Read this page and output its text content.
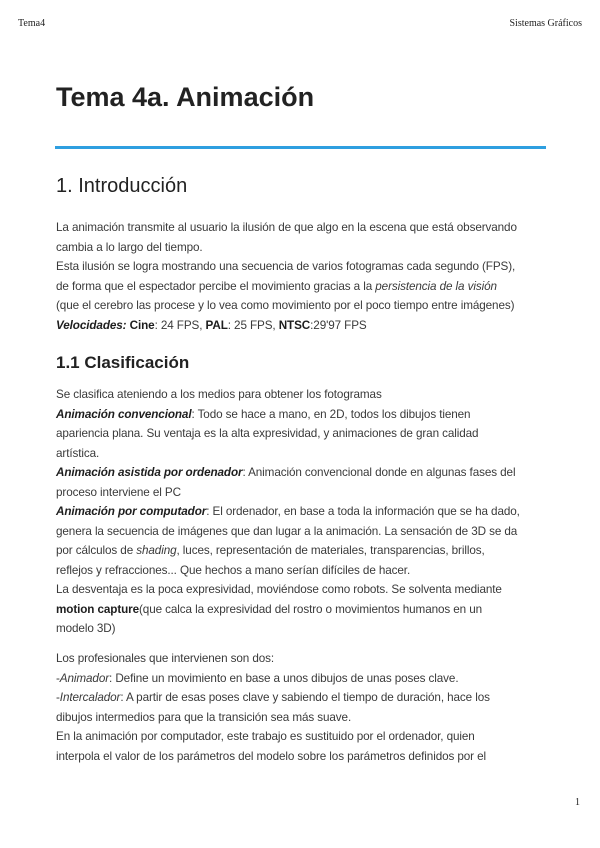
Tema4	Sistemas Gráficos
Tema 4a. Animación
1. Introducción

La animación transmite al usuario la ilusión de que algo en la escena que está observando

cambia a lo largo del tiempo.

Esta ilusión se logra mostrando una secuencia de varios fotogramas cada segundo (FPS),

de forma que el espectador percibe el movimiento gracias a la persistencia de la visión

(que el cerebro las procese y lo vea como movimiento por el poco tiempo entre imágenes)

Velocidades: Cine: 24 FPS, PAL: 25 FPS, NTSC:29'97 FPS

1.1 Clasificación

Se clasifica ateniendo a los medios para obtener los fotogramas

Animación convencional: Todo se hace a mano, en 2D, todos los dibujos tienen

apariencia plana. Su ventaja es la alta expresividad, y animaciones de gran calidad

artística.

Animación asistida por ordenador: Animación convencional donde en algunas fases del

proceso interviene el PC

Animación por computador: El ordenador, en base a toda la información que se ha dado,

genera la secuencia de imágenes que dan lugar a la animación. La sensación de 3D se da

por cálculos de shading, luces, representación de materiales, transparencias, brillos,

reflejos y refracciones... Que hechos a mano serían difíciles de hacer.

La desventaja es la poca expresividad, moviéndose como robots. Se solventa mediante

motion capture(que calca la expresividad del rostro o movimientos humanos en un

modelo 3D)

Los profesionales que intervienen son dos:

-Animador: Define un movimiento en base a unos dibujos de unas poses clave.

-Intercalador: A partir de esas poses clave y sabiendo el tiempo de duración, hace los

dibujos intermedios para que la transición sea más suave.

En la animación por computador, este trabajo es sustituido por el ordenador, quien

interpola el valor de los parámetros del modelo sobre los parámetros definidos por el

1
